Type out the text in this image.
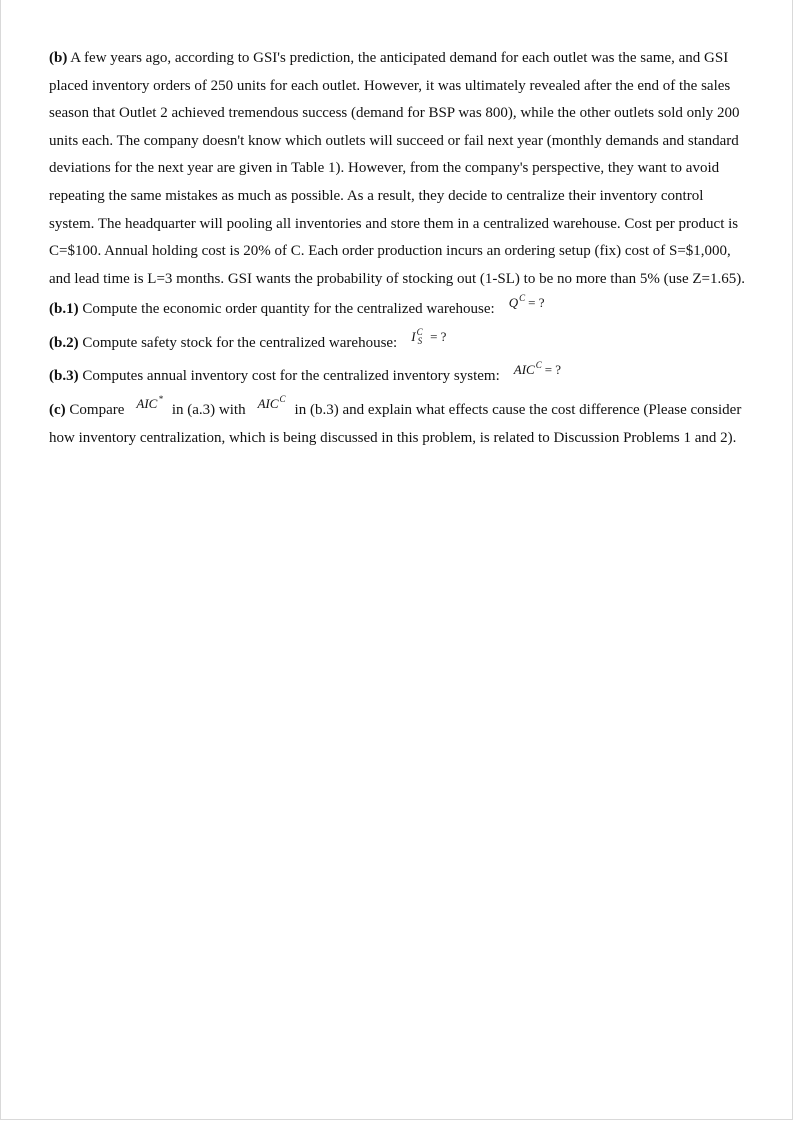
(b) A few years ago, according to GSI's prediction, the anticipated demand for each outlet was the same, and GSI placed inventory orders of 250 units for each outlet. However, it was ultimately revealed after the end of the sales season that Outlet 2 achieved tremendous success (demand for BSP was 800), while the other outlets sold only 200 units each. The company doesn't know which outlets will succeed or fail next year (monthly demands and standard deviations for the next year are given in Table 1). However, from the company's perspective, they want to avoid repeating the same mistakes as much as possible. As a result, they decide to centralize their inventory control system. The headquarter will pooling all inventories and store them in a centralized warehouse. Cost per product is C=$100. Annual holding cost is 20% of C. Each order production incurs an ordering setup (fix) cost of S=$1,000, and lead time is L=3 months. GSI wants the probability of stocking out (1-SL) to be no more than 5% (use Z=1.65).

(b.1) Compute the economic order quantity for the centralized warehouse: $Q^C$ = ?

(b.2) Compute safety stock for the centralized warehouse: $I^C_S$ = ?

(b.3) Computes annual inventory cost for the centralized inventory system: $AIC^C$ = ?

(c) Compare AIC*in (a.3) with $AIC^Cin$ (b.3) and explain what effects cause the cost difference (Please consider how inventory centralization, which is being discussed in this problem, is related to Discussion Problems 1 and 2).
